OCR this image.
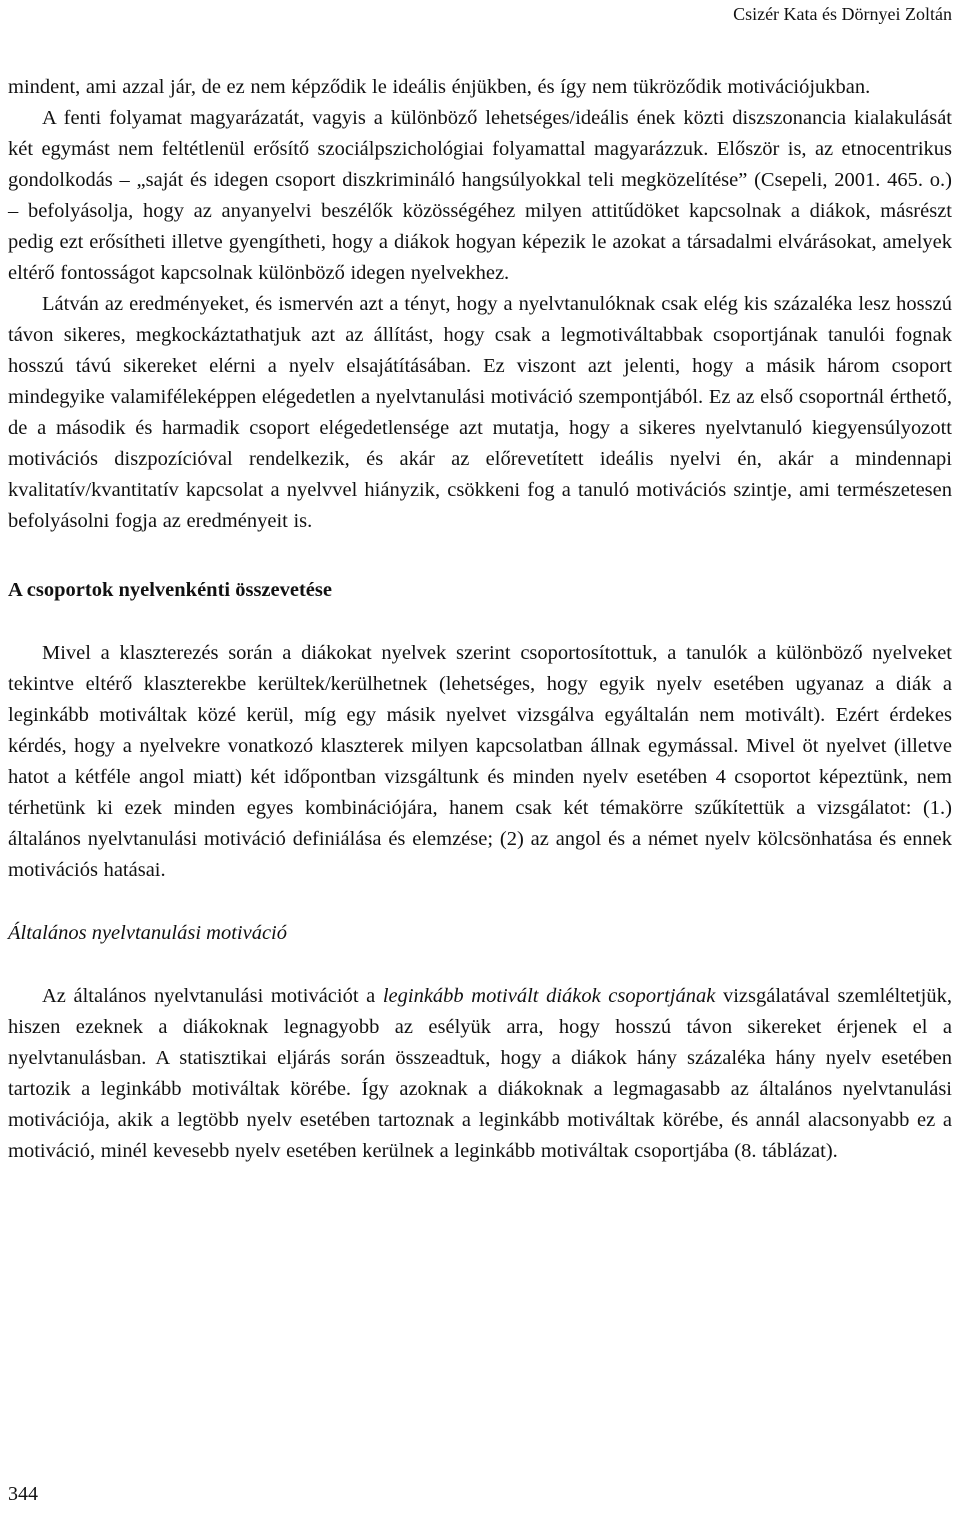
Csizér Kata és Dörnyei Zoltán

mindent, ami azzal jár, de ez nem képződik le ideális énjükben, és így nem tükröződik motivációjukban.

A fenti folyamat magyarázatát, vagyis a különböző lehetséges/ideális ének közti diszszonancia kialakulását két egymást nem feltétlenül erősítő szociálpszichológiai folyamattal magyarázzuk. Először is, az etnocentrikus gondolkodás – „saját és idegen csoport diszkrimináló hangsúlyokkal teli megközelítése” (Csepeli, 2001. 465. o.) – befolyásolja, hogy az anyanyelvi beszélők közösségéhez milyen attitűdöket kapcsolnak a diákok, másrészt pedig ezt erősítheti illetve gyengítheti, hogy a diákok hogyan képezik le azokat a társadalmi elvárásokat, amelyek eltérő fontosságot kapcsolnak különböző idegen nyelvekhez.

Látván az eredményeket, és ismervén azt a tényt, hogy a nyelvtanulóknak csak elég kis százaléka lesz hosszú távon sikeres, megkockáztathatjuk azt az állítást, hogy csak a legmotiváltabbak csoportjának tanulói fognak hosszú távú sikereket elérni a nyelv elsajátításában. Ez viszont azt jelenti, hogy a másik három csoport mindegyike valamiféleképpen elégedetlen a nyelvtanulási motiváció szempontjából. Ez az első csoportnál érthető, de a második és harmadik csoport elégedetlensége azt mutatja, hogy a sikeres nyelvtanuló kiegyensúlyozott motivációs diszpozícióval rendelkezik, és akár az előrevetített ideális nyelvi én, akár a mindennapi kvalitatív/kvantitatív kapcsolat a nyelvvel hiányzik, csökkeni fog a tanuló motivációs szintje, ami természetesen befolyásolni fogja az eredményeit is.

A csoportok nyelvenkénti összevetése

Mivel a klaszterezés során a diákokat nyelvek szerint csoportosítottuk, a tanulók a különböző nyelveket tekintve eltérő klaszterekbe kerültek/kerülhetnek (lehetséges, hogy egyik nyelv esetében ugyanaz a diák a leginkább motiváltak közé kerül, míg egy másik nyelvet vizsgálva egyáltalán nem motivált). Ezért érdekes kérdés, hogy a nyelvekre vonatkozó klaszterek milyen kapcsolatban állnak egymással. Mivel öt nyelvet (illetve hatot a kétféle angol miatt) két időpontban vizsgáltunk és minden nyelv esetében 4 csoportot képeztünk, nem térhetünk ki ezek minden egyes kombinációjára, hanem csak két témakörre szűkítettük a vizsgálatot: (1.) általános nyelvtanulási motiváció definiálása és elemzése; (2) az angol és a német nyelv kölcsönhatása és ennek motivációs hatásai.

Általános nyelvtanulási motiváció

Az általános nyelvtanulási motivációt a leginkább motivált diákok csoportjának vizsgálatával szemléltetjük, hiszen ezeknek a diákoknak legnagyobb az esélyük arra, hogy hosszú távon sikereket érjenek el a nyelvtanulásban. A statisztikai eljárás során összeadtuk, hogy a diákok hány százaléka hány nyelv esetében tartozik a leginkább motiváltak körébe. Így azoknak a diákoknak a legmagasabb az általános nyelvtanulási motivációja, akik a legtöbb nyelv esetében tartoznak a leginkább motiváltak körébe, és annál alacsonyabb ez a motiváció, minél kevesebb nyelv esetében kerülnek a leginkább motiváltak csoportjába (8. táblázat).

344
